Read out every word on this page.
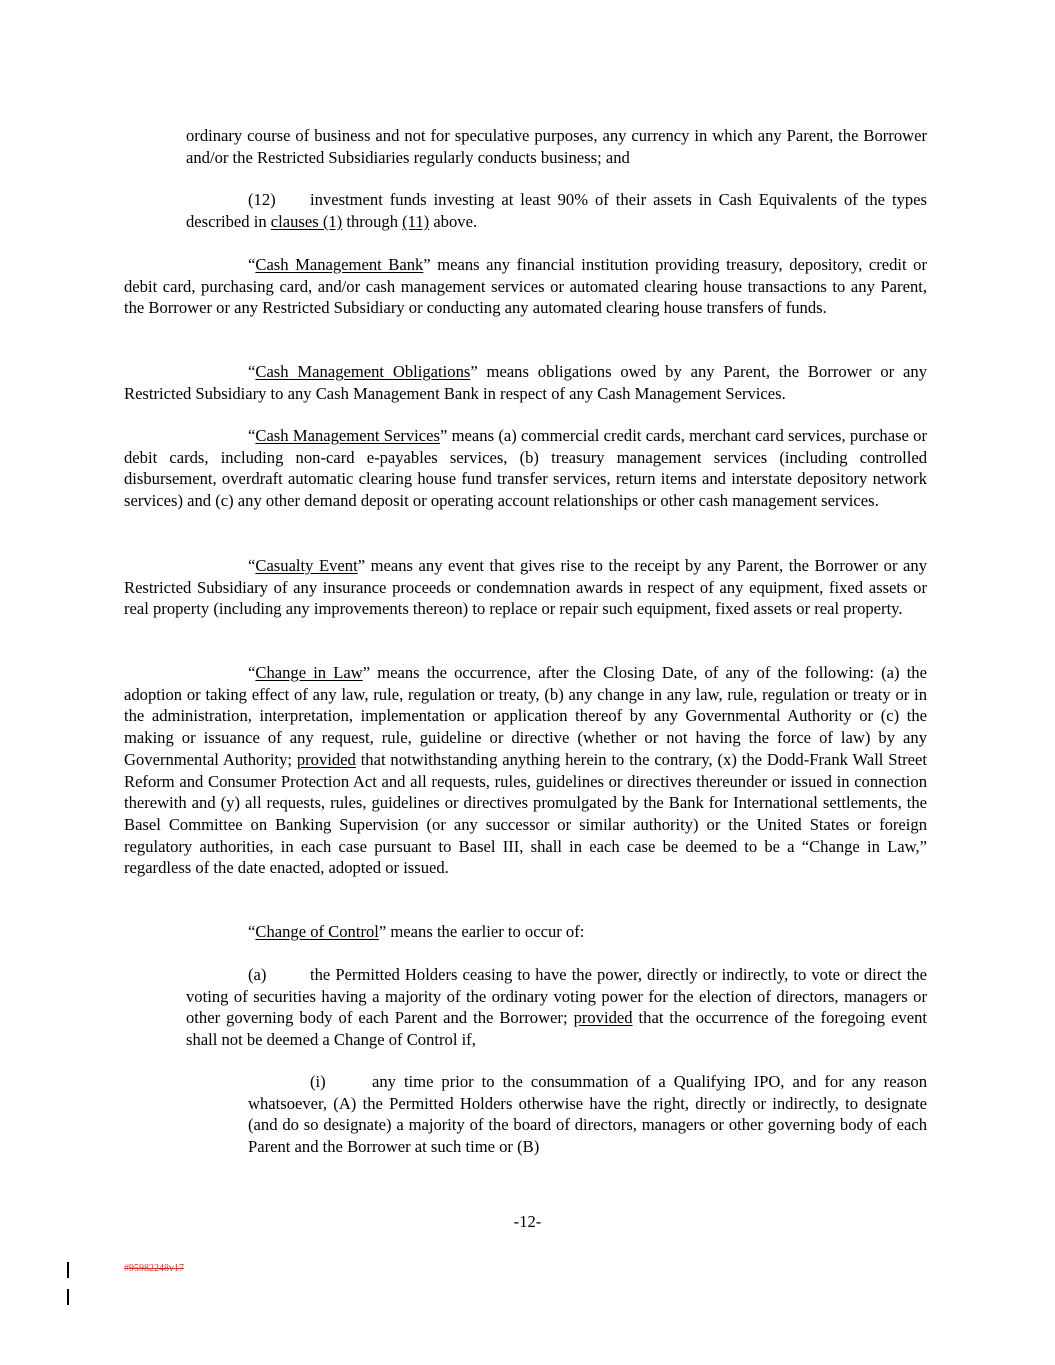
ordinary course of business and not for speculative purposes, any currency in which any Parent, the Borrower and/or the Restricted Subsidiaries regularly conducts business; and

(12) investment funds investing at least 90% of their assets in Cash Equivalents of the types described in clauses (1) through (11) above.

“Cash Management Bank” means any financial institution providing treasury, depository, credit or debit card, purchasing card, and/or cash management services or automated clearing house transactions to any Parent, the Borrower or any Restricted Subsidiary or conducting any automated clearing house transfers of funds.

“Cash Management Obligations” means obligations owed by any Parent, the Borrower or any Restricted Subsidiary to any Cash Management Bank in respect of any Cash Management Services.

“Cash Management Services” means (a) commercial credit cards, merchant card services, purchase or debit cards, including non-card e-payables services, (b) treasury management services (including controlled disbursement, overdraft automatic clearing house fund transfer services, return items and interstate depository network services) and (c) any other demand deposit or operating account relationships or other cash management services.

“Casualty Event” means any event that gives rise to the receipt by any Parent, the Borrower or any Restricted Subsidiary of any insurance proceeds or condemnation awards in respect of any equipment, fixed assets or real property (including any improvements thereon) to replace or repair such equipment, fixed assets or real property.

“Change in Law” means the occurrence, after the Closing Date, of any of the following: (a) the adoption or taking effect of any law, rule, regulation or treaty, (b) any change in any law, rule, regulation or treaty or in the administration, interpretation, implementation or application thereof by any Governmental Authority or (c) the making or issuance of any request, rule, guideline or directive (whether or not having the force of law) by any Governmental Authority; provided that notwithstanding anything herein to the contrary, (x) the Dodd-Frank Wall Street Reform and Consumer Protection Act and all requests, rules, guidelines or directives thereunder or issued in connection therewith and (y) all requests, rules, guidelines or directives promulgated by the Bank for International settlements, the Basel Committee on Banking Supervision (or any successor or similar authority) or the United States or foreign regulatory authorities, in each case pursuant to Basel III, shall in each case be deemed to be a “Change in Law,” regardless of the date enacted, adopted or issued.

“Change of Control” means the earlier to occur of:

(a)	the Permitted Holders ceasing to have the power, directly or indirectly, to vote or direct the voting of securities having a majority of the ordinary voting power for the election of directors, managers or other governing body of each Parent and the Borrower; provided that the occurrence of the foregoing event shall not be deemed a Change of Control if,

(i)	any time prior to the consummation of a Qualifying IPO, and for any reason whatsoever, (A) the Permitted Holders otherwise have the right, directly or indirectly, to designate (and do so designate) a majority of the board of directors, managers or other governing body of each Parent and the Borrower at such time or (B)

-12-
#95982248v17
